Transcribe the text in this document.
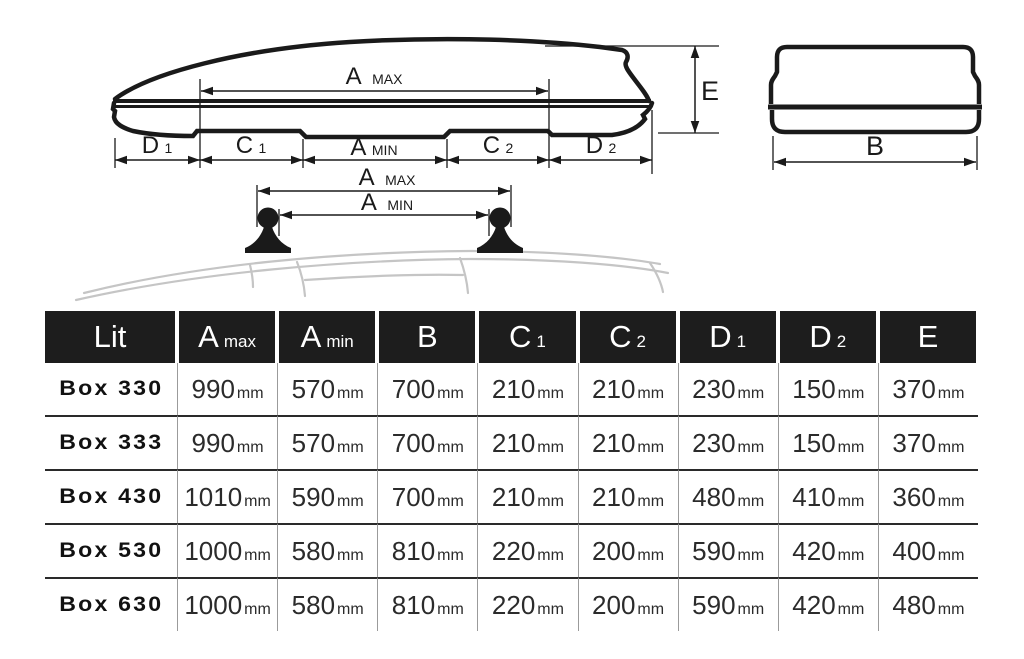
A MAX	E
D 1	C 1	A MIN	C 2	D 2
A MAX
A MIN
B
Lit Amax Amin B C 1 C 2 D 1 D 2 E
Box 330 990 mm 570 mm 700 mm 210 mm 210 mm 230 mm 150 mm 370 mm
Box 333 990 mm 570 mm 700 mm 210 mm 210 mm 230 mm 150 mm 370 mm
Box 430 1010 mm 590 mm 700 mm 210 mm 210 mm 480 mm 410 mm 360 mm
Box 530 1000 mm 580 mm 810 mm 220 mm 200 mm 590 mm 420 mm 400 mm
Box 630 1000 mm 580 mm 810 mm 220 mm 200 mm 590 mm 420 mm 480 mm
